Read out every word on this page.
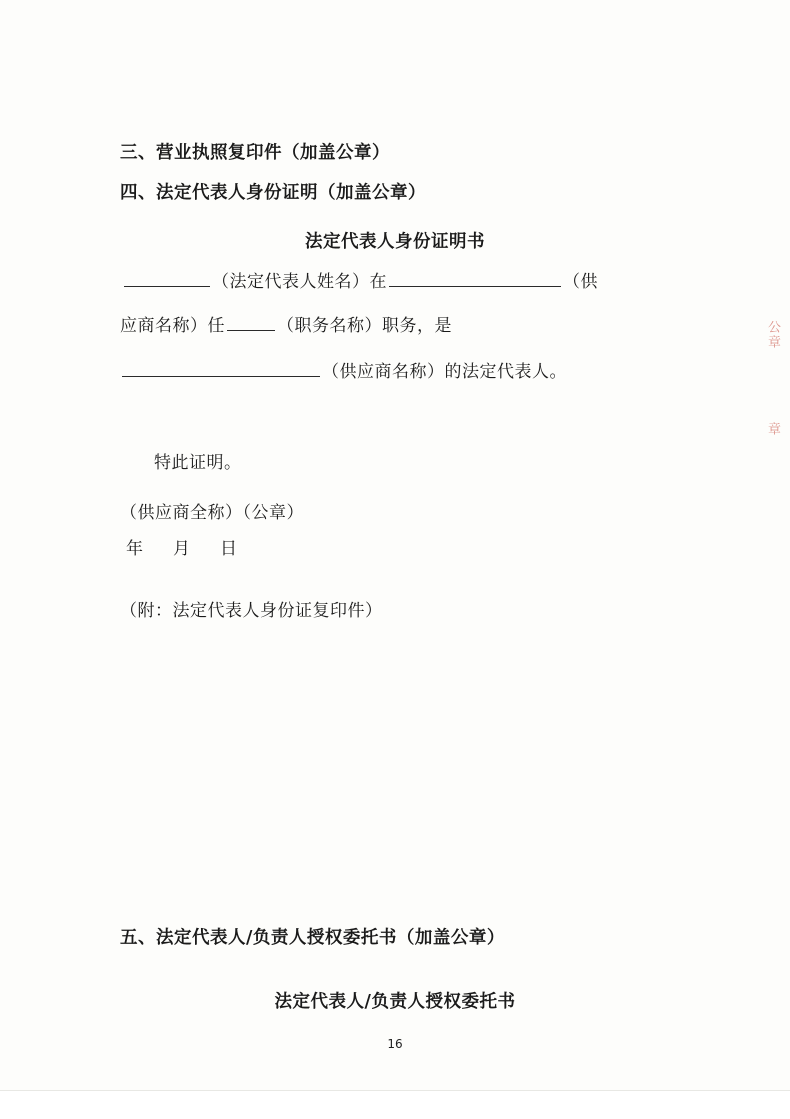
三、营业执照复印件（加盖公章）
四、法定代表人身份证明（加盖公章）
法定代表人身份证明书
（法定代表人姓名）在	（供
应商名称）任	（职务名称）职务，是
（供应商名称）的法定代表人。
特此证明。
（供应商全称）（公章）
年     月     日
（附：法定代表人身份证复印件）
五、法定代表人/负责人授权委托书（加盖公章）
法定代表人/负责人授权委托书
公章
章
16
